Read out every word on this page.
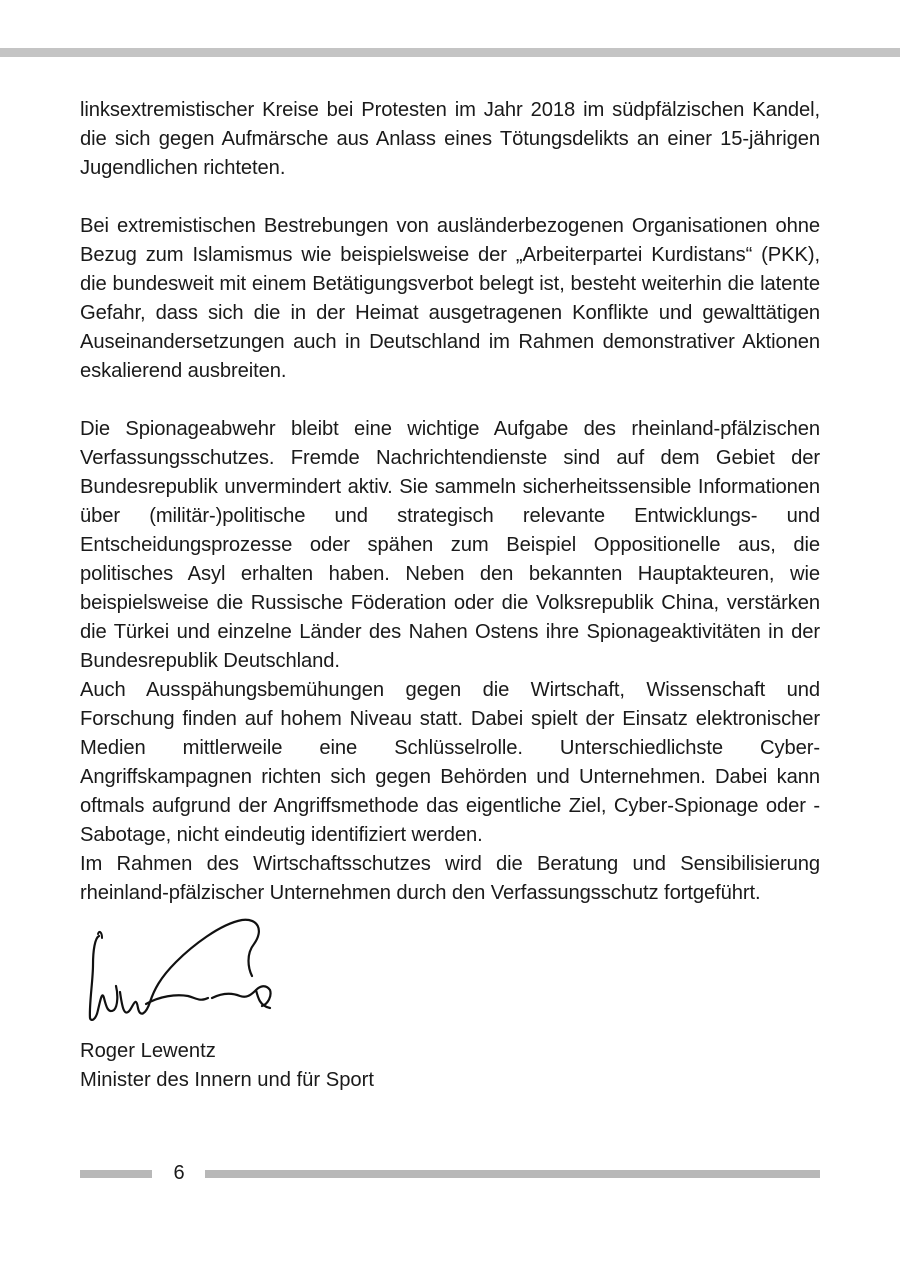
linksextremistischer Kreise bei Protesten im Jahr 2018 im südpfälzischen Kandel, die sich gegen Aufmärsche aus Anlass eines Tötungsdelikts an einer 15-jährigen Jugendlichen richteten.

Bei extremistischen Bestrebungen von ausländerbezogenen Organisationen ohne Bezug zum Islamismus wie beispielsweise der „Arbeiterpartei Kurdistans“ (PKK), die bundesweit mit einem Betätigungsverbot belegt ist, besteht weiterhin die latente Gefahr, dass sich die in der Heimat ausgetragenen Konflikte und gewalttätigen Auseinandersetzungen auch in Deutschland im Rahmen demonstrativer Aktionen eskalierend ausbreiten.

Die Spionageabwehr bleibt eine wichtige Aufgabe des rheinland-pfälzischen Verfassungsschutzes. Fremde Nachrichtendienste sind auf dem Gebiet der Bundesrepublik unvermindert aktiv. Sie sammeln sicherheitssensible Informationen über (militär-)politische und strategisch relevante Entwicklungs- und Entscheidungsprozesse oder spähen zum Beispiel Oppositionelle aus, die politisches Asyl erhalten haben. Neben den bekannten Hauptakteuren, wie beispielsweise die Russische Föderation oder die Volksrepublik China, verstärken die Türkei und einzelne Länder des Nahen Ostens ihre Spionageaktivitäten in der Bundesrepublik Deutschland.

Auch Ausspähungsbemühungen gegen die Wirtschaft, Wissenschaft und Forschung finden auf hohem Niveau statt. Dabei spielt der Einsatz elektronischer Medien mittlerweile eine Schlüsselrolle. Unterschiedlichste Cyber-Angriffskampagnen richten sich gegen Behörden und Unternehmen. Dabei kann oftmals aufgrund der Angriffsmethode das eigentliche Ziel, Cyber-Spionage oder -Sabotage, nicht eindeutig identifiziert werden.

Im Rahmen des Wirtschaftsschutzes wird die Beratung und Sensibilisierung rheinland-pfälzischer Unternehmen durch den Verfassungsschutz fortgeführt.

Roger Lewentz

Minister des Innern und für Sport

6
